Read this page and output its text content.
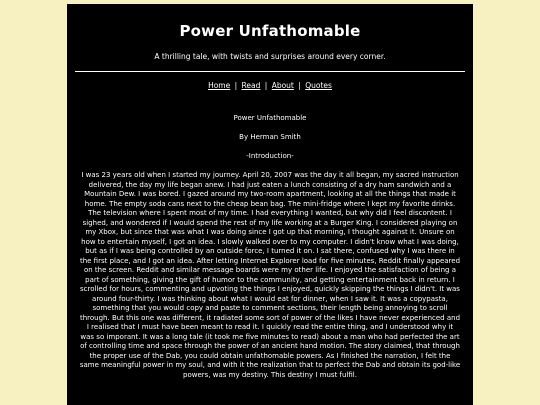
Power Unfathomable
A thrilling tale, with twists and surprises around every corner.
Home | Read | About | Quotes
Power Unfathomable
By Herman Smith
-Introduction-
I was 23 years old when I started my journey. April 20, 2007 was the day it all began, my sacred instruction delivered, the day my life began anew. I had just eaten a lunch consisting of a dry ham sandwich and a Mountain Dew. I was bored. I gazed around my two-room apartment, looking at all the things that made it home. The empty soda cans next to the cheap bean bag. The mini-fridge where I kept my favorite drinks. The television where I spent most of my time. I had everything I wanted, but why did I feel discontent. I sighed, and wondered if I would spend the rest of my life working at a Burger King. I considered playing on my Xbox, but since that was what I was doing since I got up that morning, I thought against it. Unsure on how to entertain myself, I got an idea. I slowly walked over to my computer. I didn't know what I was doing, but as if I was being controlled by an outside force, I turned it on. I sat there, confused why I was there in the first place, and I got an idea. After letting Internet Explorer load for five minutes, Reddit finally appeared on the screen. Reddit and similar message boards were my other life. I enjoyed the satisfaction of being a part of something, giving the gift of humor to the community, and getting entertainment back in return. I scrolled for hours, commenting and upvoting the things I enjoyed, quickly skipping the things I didn't. It was around four-thirty. I was thinking about what I would eat for dinner, when I saw it. It was a copypasta, something that you would copy and paste to comment sections, their length being annoying to scroll through. But this one was different, it radiated some sort of power of the likes I have never experienced and I realised that I must have been meant to read it. I quickly read the entire thing, and I understood why it was so imporant. It was a long tale (it took me five minutes to read) about a man who had perfected the art of controlling time and space through the power of an ancient hand motion. The story claimed, that through the proper use of the Dab, you could obtain unfathomable powers. As I finished the narration, I felt the same meaningful power in my soul, and with it the realization that to perfect the Dab and obtain its god-like powers, was my destiny. This destiny I must fulfil.
